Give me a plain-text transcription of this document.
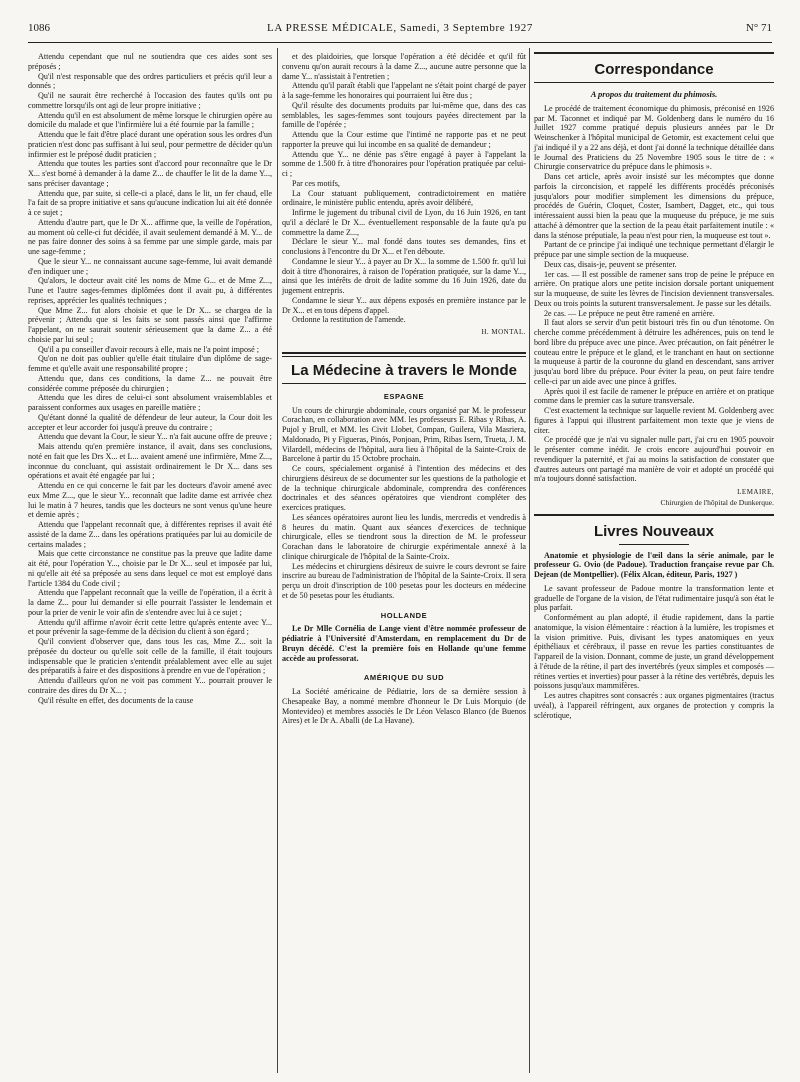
1086	LA PRESSE MÉDICALE, Samedi, 3 Septembre 1927	N° 71

Attendu cependant que nul ne soutiendra que ces aides sont ses préposés ;

Qu'il n'est responsable que des ordres particuliers et précis qu'il leur a donnés ;

Qu'il ne saurait être recherché à l'occasion des fautes qu'ils ont pu commettre lorsqu'ils ont agi de leur propre initiative ;

Attendu qu'il en est absolument de même lorsque le chirurgien opère au domicile du malade et que l'infirmière lui a été fournie par la famille ;

Attendu que le fait d'être placé durant une opération sous les ordres d'un praticien n'est donc pas suffisant à lui seul, pour permettre de décider qu'un infirmier est le préposé dudit praticien ;

Attendu que toutes les parties sont d'accord pour reconnaître que le Dr X... s'est borné à demander à la dame Z... de chauffer le lit de la dame Y..., sans préciser davantage ;

Attendu que, par suite, si celle-ci a placé, dans le lit, un fer chaud, elle l'a fait de sa propre initiative et sans qu'aucune indication lui ait été donnée à ce sujet ;

Attendu d'autre part, que le Dr X... affirme que, la veille de l'opération, au moment où celle-ci fut décidée, il avait seulement demandé à M. Y... de ne pas faire donner des soins à sa femme par une simple garde, mais par une sage-femme ;

Que le sieur Y... ne connaissant aucune sage-femme, lui avait demandé d'en indiquer une ;

Qu'alors, le docteur avait cité les noms de Mme G... et de Mme Z..., l'une et l'autre sages-femmes diplômées dont il avait pu, à différentes reprises, apprécier les qualités techniques ;

Que Mme Z... fut alors choisie et que le Dr X... se chargea de la prévenir ; Attendu que si les faits se sont passés ainsi que l'affirme l'appelant, on ne saurait soutenir sérieusement que la dame Z... a été choisie par lui seul ;

Qu'il a pu conseiller d'avoir recours à elle, mais ne l'a point imposé ;

Qu'on ne doit pas oublier qu'elle était titulaire d'un diplôme de sage-femme et qu'elle avait une responsabilité propre ;

Attendu que, dans ces conditions, la dame Z... ne pouvait être considérée comme préposée du chirurgien ;

Attendu que les dires de celui-ci sont absolument vraisemblables et paraissent conformes aux usages en pareille matière ;

Qu'étant donné la qualité de défendeur de leur auteur, la Cour doit les accepter et leur accorder foi jusqu'à preuve du contraire ;

Attendu que devant la Cour, le sieur Y... n'a fait aucune offre de preuve ;

Mais attendu qu'en première instance, il avait, dans ses conclusions, noté en fait que les Drs X... et L... avaient amené une infirmière, Mme Z..., inconnue du concluant, qui assistait ordinairement le Dr X... dans ses opérations et avait été engagée par lui ;

Attendu en ce qui concerne le fait par les docteurs d'avoir amené avec eux Mme Z..., que le sieur Y... reconnaît que ladite dame est arrivée chez lui le matin à 7 heures, tandis que les docteurs ne sont venus qu'une heure et demie après ;

Attendu que l'appelant reconnaît que, à différentes reprises il avait été assisté de la dame Z... dans les opérations pratiquées par lui au domicile de certains malades ;

Mais que cette circonstance ne constitue pas la preuve que ladite dame ait été, pour l'opération Y..., choisie par le Dr X... seul et imposée par lui, ni qu'elle ait été sa préposée au sens dans lequel ce mot est employé dans l'article 1384 du Code civil ;

Attendu que l'appelant reconnaît que la veille de l'opération, il a écrit à la dame Z... pour lui demander si elle pourrait l'assister le lendemain et pour la prier de venir le voir afin de s'entendre avec lui à ce sujet ;

Attendu qu'il affirme n'avoir écrit cette lettre qu'après entente avec Y... et pour prévenir la sage-femme de la décision du client à son égard ;

Qu'il convient d'observer que, dans tous les cas, Mme Z... soit la préposée du docteur ou qu'elle soit celle de la famille, il était toujours indispensable que le praticien s'entendit préalablement avec elle au sujet des préparatifs à faire et des dispositions à prendre en vue de l'opération ;

Attendu d'ailleurs qu'on ne voit pas comment Y... pourrait prouver le contraire des dires du Dr X... ;

Qu'il résulte en effet, des documents de la cause

et des plaidoiries, que lorsque l'opération a été décidée et qu'il fût convenu qu'on aurait recours à la dame Z..., aucune autre personne que la dame Y... n'assistait à l'entretien ;

Attendu qu'il paraît établi que l'appelant ne s'était point chargé de payer à la sage-femme les honoraires qui pourraient lui être dus ;

Qu'il résulte des documents produits par lui-même que, dans des cas semblables, les sages-femmes sont toujours payées directement par la famille de l'opérée ;

Attendu que la Cour estime que l'intimé ne rapporte pas et ne peut rapporter la preuve qui lui incombe en sa qualité de demandeur ;

Attendu que Y... ne dénie pas s'être engagé à payer à l'appelant la somme de 1.500 fr. à titre d'honoraires pour l'opération pratiquée par celui-ci ;

Par ces motifs,

La Cour statuant publiquement, contradictoirement en matière ordinaire, le ministère public entendu, après avoir délibéré,

Infirme le jugement du tribunal civil de Lyon, du 16 Juin 1926, en tant qu'il a déclaré le Dr X... éventuellement responsable de la faute qu'a pu commettre la dame Z...,

Déclare le sieur Y... mal fondé dans toutes ses demandes, fins et conclusions à l'encontre du Dr X... et l'en déboute.

Condamne le sieur Y... à payer au Dr X... la somme de 1.500 fr. qu'il lui doit à titre d'honoraires, à raison de l'opération pratiquée, sur la dame Y..., ainsi que les intérêts de droit de ladite somme du 16 Juin 1926, date du jugement entrepris.

Condamne le sieur Y... aux dépens exposés en première instance par le Dr X... et en tous dépens d'appel.

Ordonne la restitution de l'amende.

H. MONTAL.
La Médecine à travers le Monde
ESPAGNE

Un cours de chirurgie abdominale, cours organisé par M. le professeur Corachan, en collaboration avec MM. les professeurs E. Ribas y Ribas, A. Pujol y Brull, et MM. les Civit Llobet, Compan, Guilera, Vila Masriera, Maldonado, Pi y Figueras, Pinós, Ponjoan, Prim, Ribas Isern, Trueta, J. M. Vilardell, médecins de l'hôpital, aura lieu à l'hôpital de la Sainte-Croix de Barcelone à partir du 15 Octobre prochain.

Ce cours, spécialement organisé à l'intention des médecins et des chirurgiens désireux de se documenter sur les questions de la pathologie et de la technique chirurgicale abdominale, comprendra des conférences doctrinales et des séances opératoires que viendront compléter des exercices pratiques.

Les séances opératoires auront lieu les lundis, mercredis et vendredis à 8 heures du matin. Quant aux séances d'exercices de technique chirurgicale, elles se tiendront sous la direction de M. le professeur Corachan dans le laboratoire de chirurgie expérimentale annexé à la clinique chirurgicale de l'hôpital de la Sainte-Croix.

Les médecins et chirurgiens désireux de suivre le cours devront se faire inscrire au bureau de l'administration de l'hôpital de la Sainte-Croix. Il sera perçu un droit d'inscription de 100 pesetas pour les docteurs en médecine et de 50 pesetas pour les étudiants.

HOLLANDE

Le Dr Mlle Cornélia de Lange vient d'être nommée professeur de pédiatrie à l'Université d'Amsterdam, en remplacement du Dr de Bruyn décédé. C'est la première fois en Hollande qu'une femme accède au professorat.

AMÉRIQUE DU SUD

La Société américaine de Pédiatrie, lors de sa dernière session à Chesapeake Bay, a nommé membre d'honneur le Dr Luis Morquio (de Montevideo) et membres associés le Dr Léon Velasco Blanco (de Buenos Aires) et le Dr A. Aballi (de La Havane).

Correspondance
A propos du traitement du phimosis.

Le procédé de traitement économique du phimosis, préconisé en 1926 par M. Taconnet et indiqué par M. Goldenberg dans le numéro du 16 Juillet 1927 comme pratiqué depuis plusieurs années par le Dr Weinschenker à l'hôpital municipal de Getomir, est exactement celui que j'ai indiqué il y a 22 ans déjà, et dont j'ai donné la technique détaillée dans le Journal des Praticiens du 25 Novembre 1905 sous le titre de : « Chirurgie conservatrice du prépuce dans le phimosis ».

Dans cet article, après avoir insisté sur les mécomptes que donne parfois la circoncision, et rappelé les différents procédés préconisés jusqu'alors pour modifier simplement les dimensions du prépuce, procédés de Guérin, Cloquet, Coster, Isambert, Dagget, etc., qui tous intéressaient aussi bien la peau que la muqueuse du prépuce, je me suis attaché à démontrer que la section de la peau était parfaitement inutile : « dans la sténose préputiale, la peau n'est pour rien, la muqueuse est tout ».

Partant de ce principe j'ai indiqué une technique permettant d'élargir le prépuce par une simple section de la muqueuse.

Deux cas, disais-je, peuvent se présenter.

1er cas. — Il est possible de ramener sans trop de peine le prépuce en arrière. On pratique alors une petite incision dorsale portant uniquement sur la muqueuse, de suite les lèvres de l'incision deviennent transversales. Deux ou trois points la suturent transversalement. Je passe sur les détails.

2e cas. — Le prépuce ne peut être ramené en arrière.

Il faut alors se servir d'un petit bistouri très fin ou d'un ténotome. On cherche comme précédemment à détruire les adhérences, puis on tend le bord libre du prépuce avec une pince. Avec précaution, on fait pénétrer le couteau entre le prépuce et le gland, et le tranchant en haut on sectionne la muqueuse à partir de la couronne du gland en descendant, sans arriver jusqu'au bord libre du prépuce. Pour éviter la peau, on peut faire tendre celle-ci par un aide avec une pince à griffes.

Après quoi il est facile de ramener le prépuce en arrière et on pratique comme dans le premier cas la suture transversale.

C'est exactement la technique sur laquelle revient M. Goldenberg avec figures à l'appui qui illustrent parfaitement mon texte que je viens de citer.

Ce procédé que je n'ai vu signaler nulle part, j'ai cru en 1905 pouvoir le présenter comme inédit. Je crois encore aujourd'hui pouvoir en revendiquer la paternité, et j'ai au moins la satisfaction de constater que d'autres auteurs ont partagé ma manière de voir et adopté un procédé qui m'a toujours donné satisfaction.

LEMAIRE,
Chirurgien de l'hôpital de Dunkerque.
Livres Nouveaux

Anatomie et physiologie de l'œil dans la série animale, par le professeur G. Ovio (de Padoue). Traduction française revue par Ch. Dejean (de Montpellier). (Félix Alcan, éditeur, Paris, 1927 )

Le savant professeur de Padoue montre la transformation lente et graduelle de l'organe de la vision, de l'état rudimentaire jusqu'à son état le plus parfait.

Conformément au plan adopté, il étudie rapidement, dans la partie anatomique, la vision élémentaire : réaction à la lumière, les tropismes et la vision primitive. Puis, divisant les types anatomiques en yeux épithéliaux et cérébraux, il passe en revue les parties constituantes de l'appareil de la vision. Donnant, comme de juste, un grand développement à l'étude de la rétine, il part des invertébrés (yeux simples et composés — rétines verties et inverties) pour passer à la rétine des vertébrés, depuis les poissons jusqu'aux mammifères.

Les autres chapitres sont consacrés : aux organes pigmentaires (tractus uvéal), à l'appareil réfringent, aux organes de protection y compris la sclérotique,
